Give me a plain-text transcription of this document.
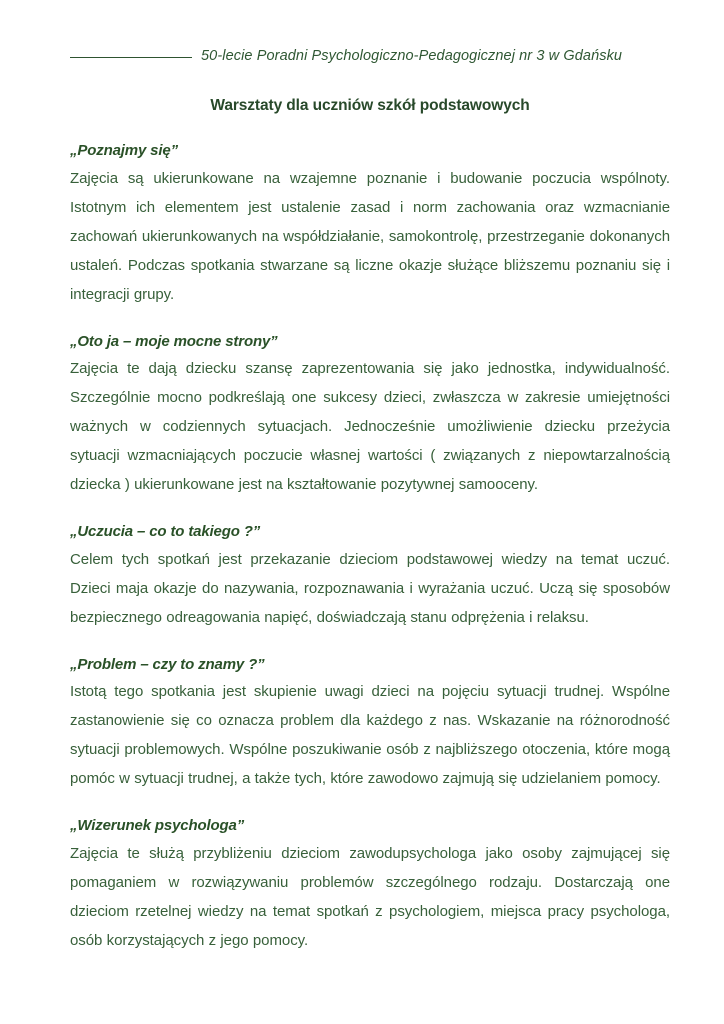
50-lecie Poradni Psychologiczno-Pedagogicznej nr 3 w Gdańsku
Warsztaty dla uczniów szkół podstawowych
„Poznajmy się”

Zajęcia są ukierunkowane na wzajemne poznanie i budowanie poczucia wspólnoty. Istotnym ich elementem jest ustalenie zasad i norm zachowania oraz wzmacnianie zachowań ukierunkowanych na współdziałanie, samokontrolę, przestrzeganie dokonanych ustaleń. Podczas spotkania stwarzane są liczne okazje służące bliższemu poznaniu się i integracji grupy.

„Oto ja – moje mocne strony”

Zajęcia te dają dziecku szansę zaprezentowania się jako jednostka, indywidualność. Szczególnie mocno podkreślają one sukcesy dzieci, zwłaszcza w zakresie umiejętności ważnych w codziennych sytuacjach. Jednocześnie umożliwienie dziecku przeżycia sytuacji wzmacniających poczucie własnej wartości ( związanych z niepowtarzalnością dziecka ) ukierunkowane jest na kształtowanie pozytywnej samooceny.

„Uczucia – co to takiego ?”

Celem tych spotkań jest przekazanie dzieciom podstawowej wiedzy na temat uczuć. Dzieci maja okazje do nazywania, rozpoznawania i wyrażania uczuć. Uczą się sposobów bezpiecznego odreagowania napięć, doświadczają stanu odprężenia i relaksu.

„Problem – czy to znamy ?”

Istotą tego spotkania jest skupienie uwagi dzieci na pojęciu sytuacji trudnej. Wspólne zastanowienie się co oznacza problem dla każdego z nas. Wskazanie na różnorodność sytuacji problemowych. Wspólne poszukiwanie osób z najbliższego otoczenia, które mogą pomóc w sytuacji trudnej, a także tych, które zawodowo zajmują się udzielaniem pomocy.

„Wizerunek psychologa”

Zajęcia te służą przybliżeniu dzieciom zawodupsychologa jako osoby zajmującej się pomaganiem w rozwiązywaniu problemów szczególnego rodzaju. Dostarczają one dzieciom rzetelnej wiedzy na temat spotkań z psychologiem, miejsca pracy psychologa, osób korzystających z jego pomocy.
